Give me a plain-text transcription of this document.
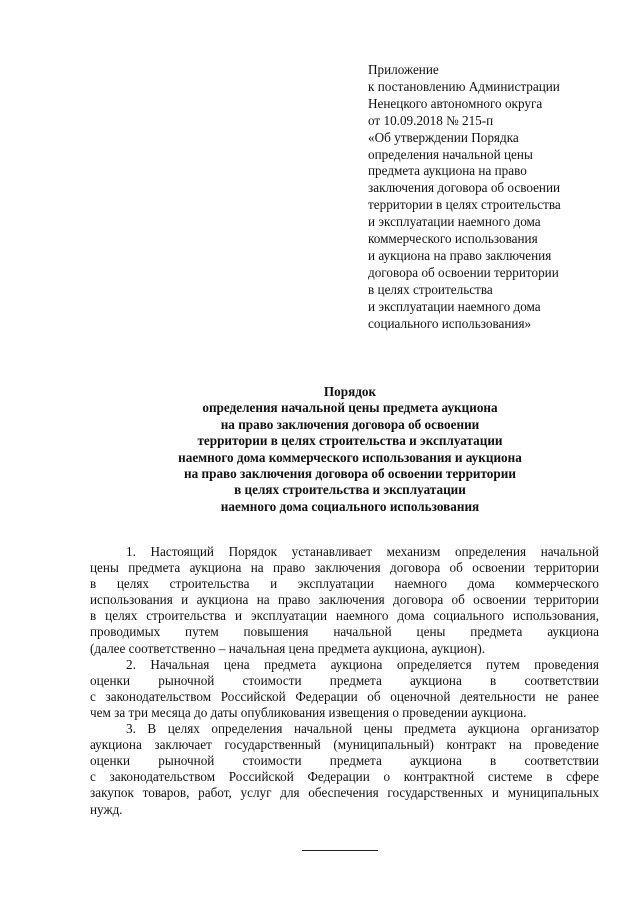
Приложение
к постановлению Администрации
Ненецкого автономного округа
от 10.09.2018 № 215-п
«Об утверждении Порядка
определения начальной цены
предмета аукциона на право
заключения договора об освоении
территории в целях строительства
и эксплуатации наемного дома
коммерческого использования
и аукциона на право заключения
договора об освоении территории
в целях строительства
и эксплуатации наемного дома
социального использования»
Порядок
определения начальной цены предмета аукциона
на право заключения договора об освоении
территории в целях строительства и эксплуатации
наемного дома коммерческого использования и аукциона
на право заключения договора об освоении территории
в целях строительства и эксплуатации
наемного дома социального использования
1. Настоящий Порядок устанавливает механизм определения начальной
цены предмета аукциона на право заключения договора об освоении территории
в целях строительства и эксплуатации наемного дома коммерческого
использования и аукциона на право заключения договора об освоении территории
в целях строительства и эксплуатации наемного дома социального использования,
проводимых путем повышения начальной цены предмета аукциона
(далее соответственно – начальная цена предмета аукциона, аукцион).
2. Начальная цена предмета аукциона определяется путем проведения
оценки рыночной стоимости предмета аукциона в соответствии
с законодательством Российской Федерации об оценочной деятельности не ранее
чем за три месяца до даты опубликования извещения о проведении аукциона.
3. В целях определения начальной цены предмета аукциона организатор
аукциона заключает государственный (муниципальный) контракт на проведение
оценки рыночной стоимости предмета аукциона в соответствии
с законодательством Российской Федерации о контрактной системе в сфере
закупок товаров, работ, услуг для обеспечения государственных и муниципальных
нужд.
